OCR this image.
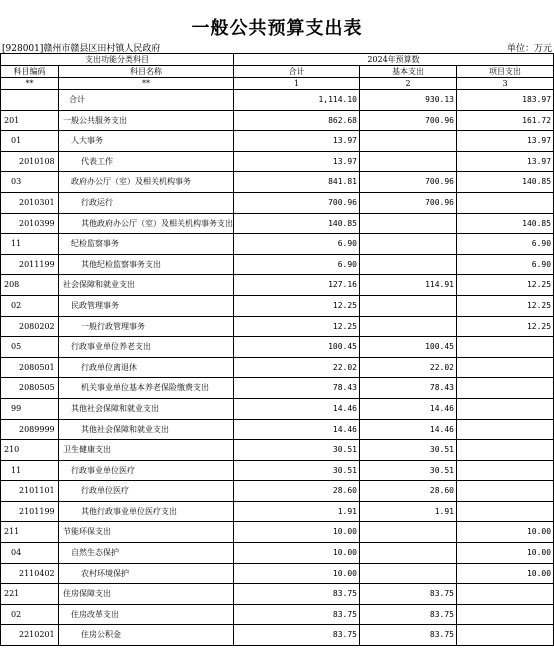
一般公共预算支出表
[928001]赣州市赣县区田村镇人民政府	单位：万元
支出功能分类科目		2024年预算数		
科目编码	科目名称	合计	基本支出	项目支出
**	**	1	2	3
	合计	1,114.10	930.13	183.97
201	一般公共服务支出	862.68	700.96	161.72
01	人大事务	13.97		13.97
2010108	代表工作	13.97		13.97
03	政府办公厅（室）及相关机构事务	841.81	700.96	140.85
2010301	行政运行	700.96	700.96	
2010399	其他政府办公厅（室）及相关机构事务支出	140.85		140.85
11	纪检监察事务	6.90		6.90
2011199	其他纪检监察事务支出	6.90		6.90
208	社会保障和就业支出	127.16	114.91	12.25
02	民政管理事务	12.25		12.25
2080202	一般行政管理事务	12.25		12.25
05	行政事业单位养老支出	100.45	100.45	
2080501	行政单位离退休	22.02	22.02	
2080505	机关事业单位基本养老保险缴费支出	78.43	78.43	
99	其他社会保障和就业支出	14.46	14.46	
2089999	其他社会保障和就业支出	14.46	14.46	
210	卫生健康支出	30.51	30.51	
11	行政事业单位医疗	30.51	30.51	
2101101	行政单位医疗	28.60	28.60	
2101199	其他行政事业单位医疗支出	1.91	1.91	
211	节能环保支出	10.00		10.00
04	自然生态保护	10.00		10.00
2110402	农村环境保护	10.00		10.00
221	住房保障支出	83.75	83.75	
02	住房改革支出	83.75	83.75	
2210201	住房公积金	83.75	83.75	
